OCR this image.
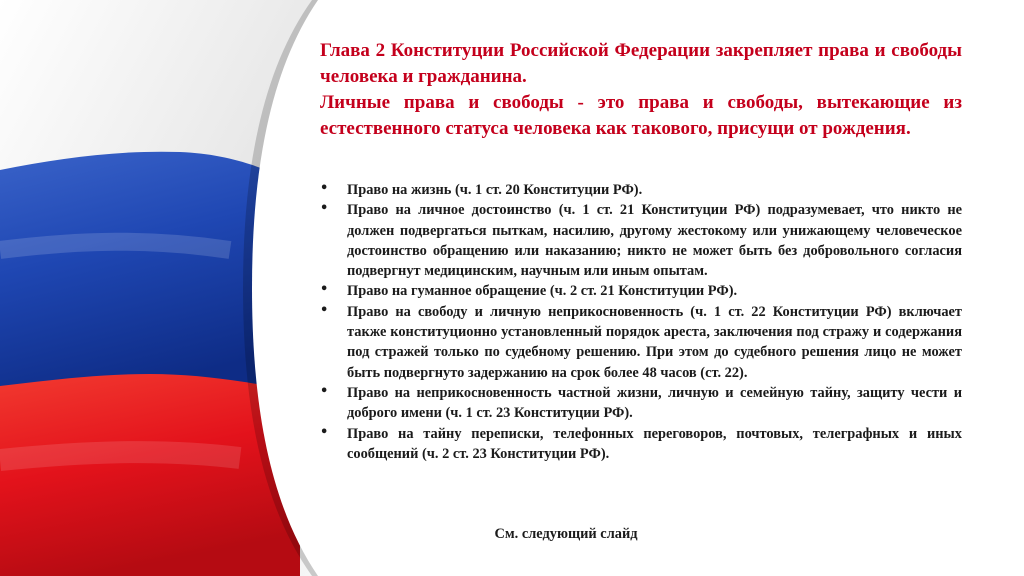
Глава 2 Конституции Российской Федерации закрепляет права и свободы человека и гражданина.

Личные права и свободы - это права и свободы, вытекающие из естественного статуса человека как такового, присущи от рождения.

• Право на жизнь (ч. 1 ст. 20 Конституции РФ).
• Право на личное достоинство (ч. 1 ст. 21 Конституции РФ) подразумевает, что никто не должен подвергаться пыткам, насилию, другому жестокому или унижающему человеческое достоинство обращению или наказанию; никто не может быть без добровольного согласия подвергнут медицинским, научным или иным опытам.
• Право на гуманное обращение (ч. 2 ст. 21 Конституции РФ).
• Право на свободу и личную неприкосновенность (ч. 1 ст. 22 Конституции РФ) включает также конституционно установленный порядок ареста, заключения под стражу и содержания под стражей только по судебному решению. При этом до судебного решения лицо не может быть подвергнуто задержанию на срок более 48 часов (ст. 22).
• Право на неприкосновенность частной жизни, личную и семейную тайну, защиту чести и доброго имени (ч. 1 ст. 23 Конституции РФ).
• Право на тайну переписки, телефонных переговоров, почтовых, телеграфных и иных сообщений (ч. 2 ст. 23 Конституции РФ).
См. следующий слайд
